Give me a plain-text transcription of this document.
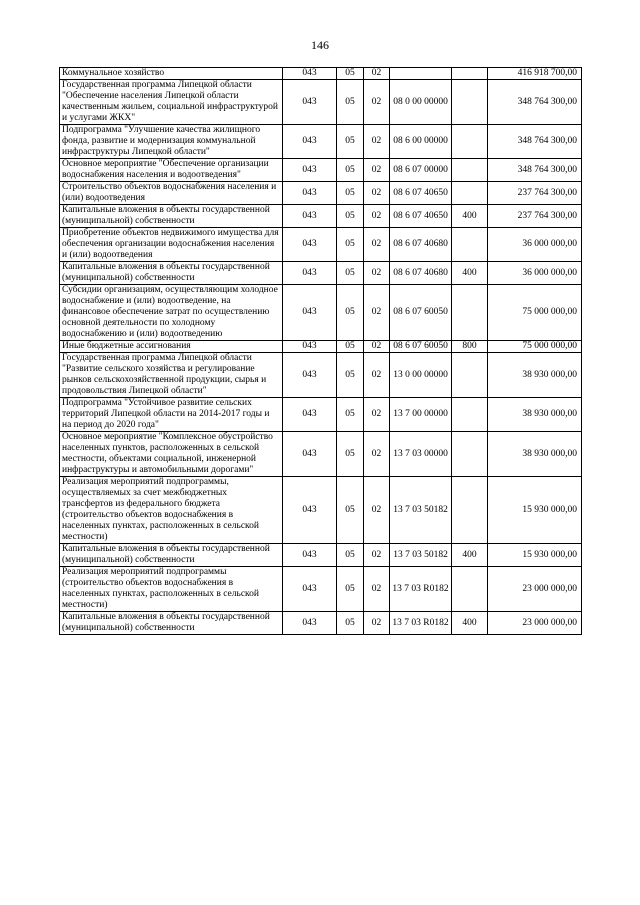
146
Коммунальное хозяйство	043	05	02			416 918 700,00
Государственная программа Липецкой области "Обеспечение населения Липецкой области качественным жильем, социальной инфраструктурой и услугами ЖКХ"	043	05	02	08 0 00 00000		348 764 300,00
Подпрограмма "Улучшение качества жилищного фонда, развитие и модернизация коммунальной инфраструктуры Липецкой области"	043	05	02	08 6 00 00000		348 764 300,00
Основное мероприятие "Обеспечение организации водоснабжения населения и водоотведения"	043	05	02	08 6 07 00000		348 764 300,00
Строительство объектов водоснабжения населения и (или) водоотведения	043	05	02	08 6 07 40650		237 764 300,00
Капитальные вложения в объекты государственной (муниципальной) собственности	043	05	02	08 6 07 40650	400	237 764 300,00
Приобретение объектов недвижимого имущества для обеспечения организации водоснабжения населения и (или) водоотведения	043	05	02	08 6 07 40680		36 000 000,00
Капитальные вложения в объекты государственной (муниципальной) собственности	043	05	02	08 6 07 40680	400	36 000 000,00
Субсидии организациям, осуществляющим холодное водоснабжение и (или) водоотведение, на финансовое обеспечение затрат по осуществлению основной деятельности по холодному водоснабжению и (или) водоотведению	043	05	02	08 6 07 60050		75 000 000,00
Иные бюджетные ассигнования	043	05	02	08 6 07 60050	800	75 000 000,00
Государственная программа Липецкой области "Развитие сельского хозяйства и регулирование рынков сельскохозяйственной продукции, сырья и продовольствия Липецкой области"	043	05	02	13 0 00 00000		38 930 000,00
Подпрограмма "Устойчивое развитие сельских территорий Липецкой области на 2014-2017 годы и на период до 2020 года"	043	05	02	13 7 00 00000		38 930 000,00
Основное мероприятие "Комплексное обустройство населенных пунктов, расположенных в сельской местности, объектами социальной, инженерной инфраструктуры и автомобильными дорогами"	043	05	02	13 7 03 00000		38 930 000,00
Реализация мероприятий подпрограммы, осуществляемых за счет межбюджетных трансфертов из федерального бюджета (строительство объектов водоснабжения в населенных пунктах, расположенных в сельской местности)	043	05	02	13 7 03 50182		15 930 000,00
Капитальные вложения в объекты государственной (муниципальной) собственности	043	05	02	13 7 03 50182	400	15 930 000,00
Реализация мероприятий подпрограммы (строительство объектов водоснабжения в населенных пунктах, расположенных в сельской местности)	043	05	02	13 7 03 R0182		23 000 000,00
Капитальные вложения в объекты государственной (муниципальной) собственности	043	05	02	13 7 03 R0182	400	23 000 000,00
